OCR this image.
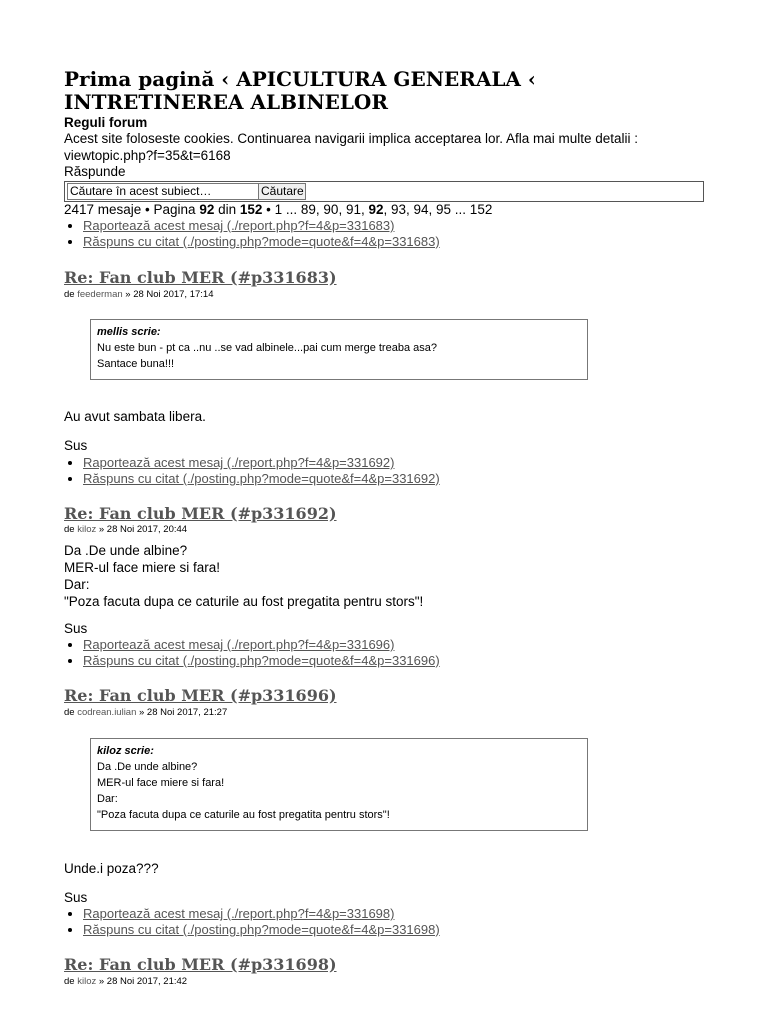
Prima pagină ‹ APICULTURA GENERALA ‹ INTRETINEREA ALBINELOR
Reguli forum
Acest site foloseste cookies. Continuarea navigarii implica acceptarea lor. Afla mai multe detalii : viewtopic.php?f=35&t=6168
Răspunde
Căutare în acest subiect…
Căutare
2417 mesaje • Pagina 92 din 152 • 1 ... 89, 90, 91, 92, 93, 94, 95 ... 152
• Raportează acest mesaj (./report.php?f=4&p=331683)
• Răspuns cu citat (./posting.php?mode=quote&f=4&p=331683)
Re: Fan club MER (#p331683)
de feederman » 28 Noi 2017, 17:14
mellis scrie:
Nu este bun - pt ca ..nu ..se vad albinele...pai cum merge treaba asa?
Santace buna!!!
Au avut sambata libera.
Sus
• Raportează acest mesaj (./report.php?f=4&p=331692)
• Răspuns cu citat (./posting.php?mode=quote&f=4&p=331692)
Re: Fan club MER (#p331692)
de kiloz » 28 Noi 2017, 20:44
Da .De unde albine?
MER-ul face miere si fara!
Dar:
"Poza facuta dupa ce caturile au fost pregatita pentru stors"!
Sus
• Raportează acest mesaj (./report.php?f=4&p=331696)
• Răspuns cu citat (./posting.php?mode=quote&f=4&p=331696)
Re: Fan club MER (#p331696)
de codrean.iulian » 28 Noi 2017, 21:27
kiloz scrie:
Da .De unde albine?
MER-ul face miere si fara!
Dar:
"Poza facuta dupa ce caturile au fost pregatita pentru stors"!
Unde.i poza???
Sus
• Raportează acest mesaj (./report.php?f=4&p=331698)
• Răspuns cu citat (./posting.php?mode=quote&f=4&p=331698)
Re: Fan club MER (#p331698)
de kiloz » 28 Noi 2017, 21:42
